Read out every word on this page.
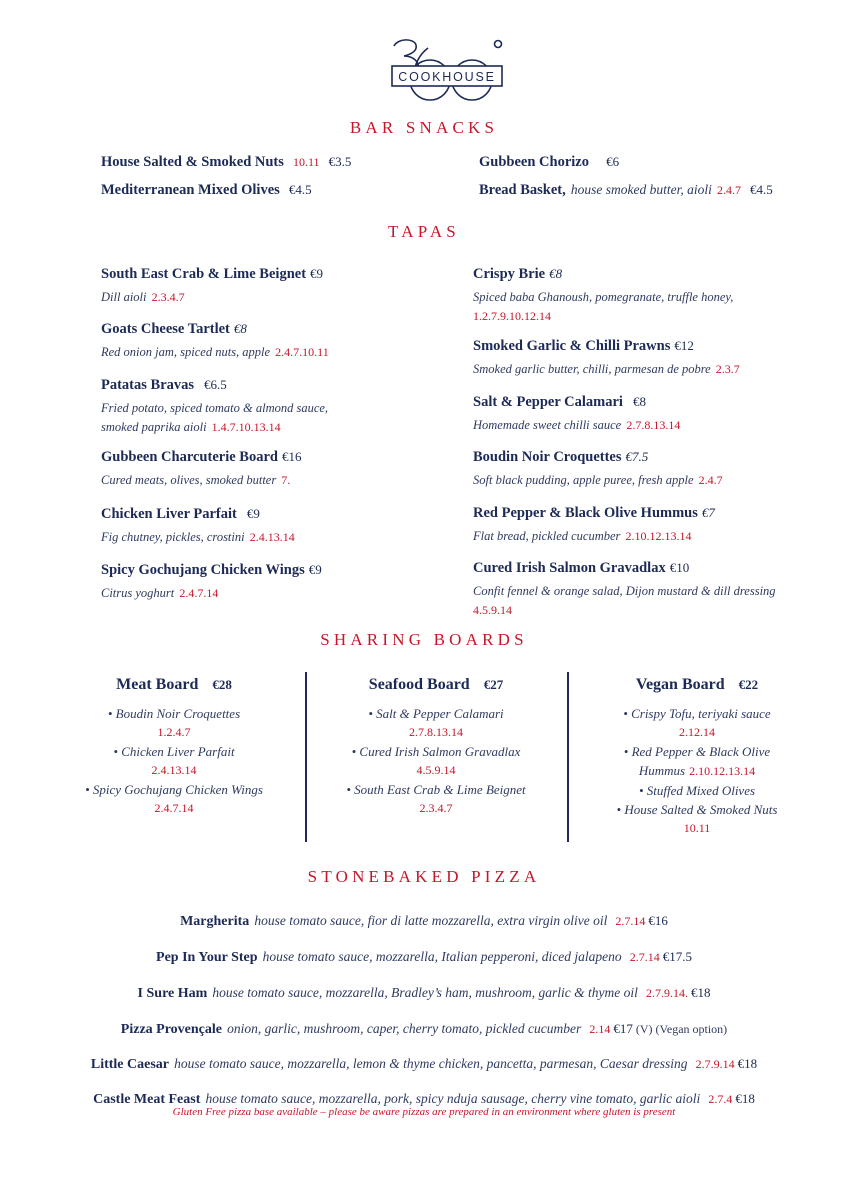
COOKHOUSE
BAR SNACKS
House Salted & Smoked Nuts 10.11 €3.5
Mediterranean Mixed Olives €4.5
Gubbeen Chorizo €6
Bread Basket, house smoked butter, aioli 2.4.7 €4.5
TAPAS
South East Crab & Lime Beignet €9
Dill aioli 2.3.4.7
Goats Cheese Tartlet €8
Red onion jam, spiced nuts, apple 2.4.7.10.11
Patatas Bravas €6.5
Fried potato, spiced tomato & almond sauce, smoked paprika aioli 1.4.7.10.13.14
Gubbeen Charcuterie Board €16
Cured meats, olives, smoked butter 7.
Chicken Liver Parfait €9
Fig chutney, pickles, crostini 2.4.13.14
Spicy Gochujang Chicken Wings €9
Citrus yoghurt 2.4.7.14
Crispy Brie €8
Spiced baba Ghanoush, pomegranate, truffle honey, 1.2.7.9.10.12.14
Smoked Garlic & Chilli Prawns €12
Smoked garlic butter, chilli, parmesan de pobre 2.3.7
Salt & Pepper Calamari €8
Homemade sweet chilli sauce 2.7.8.13.14
Boudin Noir Croquettes €7.5
Soft black pudding, apple puree, fresh apple 2.4.7
Red Pepper & Black Olive Hummus €7
Flat bread, pickled cucumber 2.10.12.13.14
Cured Irish Salmon Gravadlax €10
Confit fennel & orange salad, Dijon mustard & dill dressing 4.5.9.14
SHARING BOARDS
Meat Board €28
• Boudin Noir Croquettes
1.2.4.7
• Chicken Liver Parfait
2.4.13.14
• Spicy Gochujang Chicken Wings
2.4.7.14
Seafood Board €27
• Salt & Pepper Calamari
2.7.8.13.14
• Cured Irish Salmon Gravadlax
4.5.9.14
• South East Crab & Lime Beignet
2.3.4.7
Vegan Board €22
• Crispy Tofu, teriyaki sauce
2.12.14
• Red Pepper & Black Olive
Hummus 2.10.12.13.14
• Stuffed Mixed Olives
• House Salted & Smoked Nuts
10.11
STONEBAKED PIZZA
Margherita house tomato sauce, fior di latte mozzarella, extra virgin olive oil 2.7.14 €16
Pep In Your Step house tomato sauce, mozzarella, Italian pepperoni, diced jalapeno 2.7.14 €17.5
I Sure Ham house tomato sauce, mozzarella, Bradley’s ham, mushroom, garlic & thyme oil 2.7.9.14. €18
Pizza Provençale onion, garlic, mushroom, caper, cherry tomato, pickled cucumber 2.14 €17 (V) (Vegan option)
Little Caesar house tomato sauce, mozzarella, lemon & thyme chicken, pancetta, parmesan, Caesar dressing 2.7.9.14 €18
Castle Meat Feast house tomato sauce, mozzarella, pork, spicy nduja sausage, cherry vine tomato, garlic aioli 2.7.4 €18
Gluten Free pizza base available – please be aware pizzas are prepared in an environment where gluten is present
